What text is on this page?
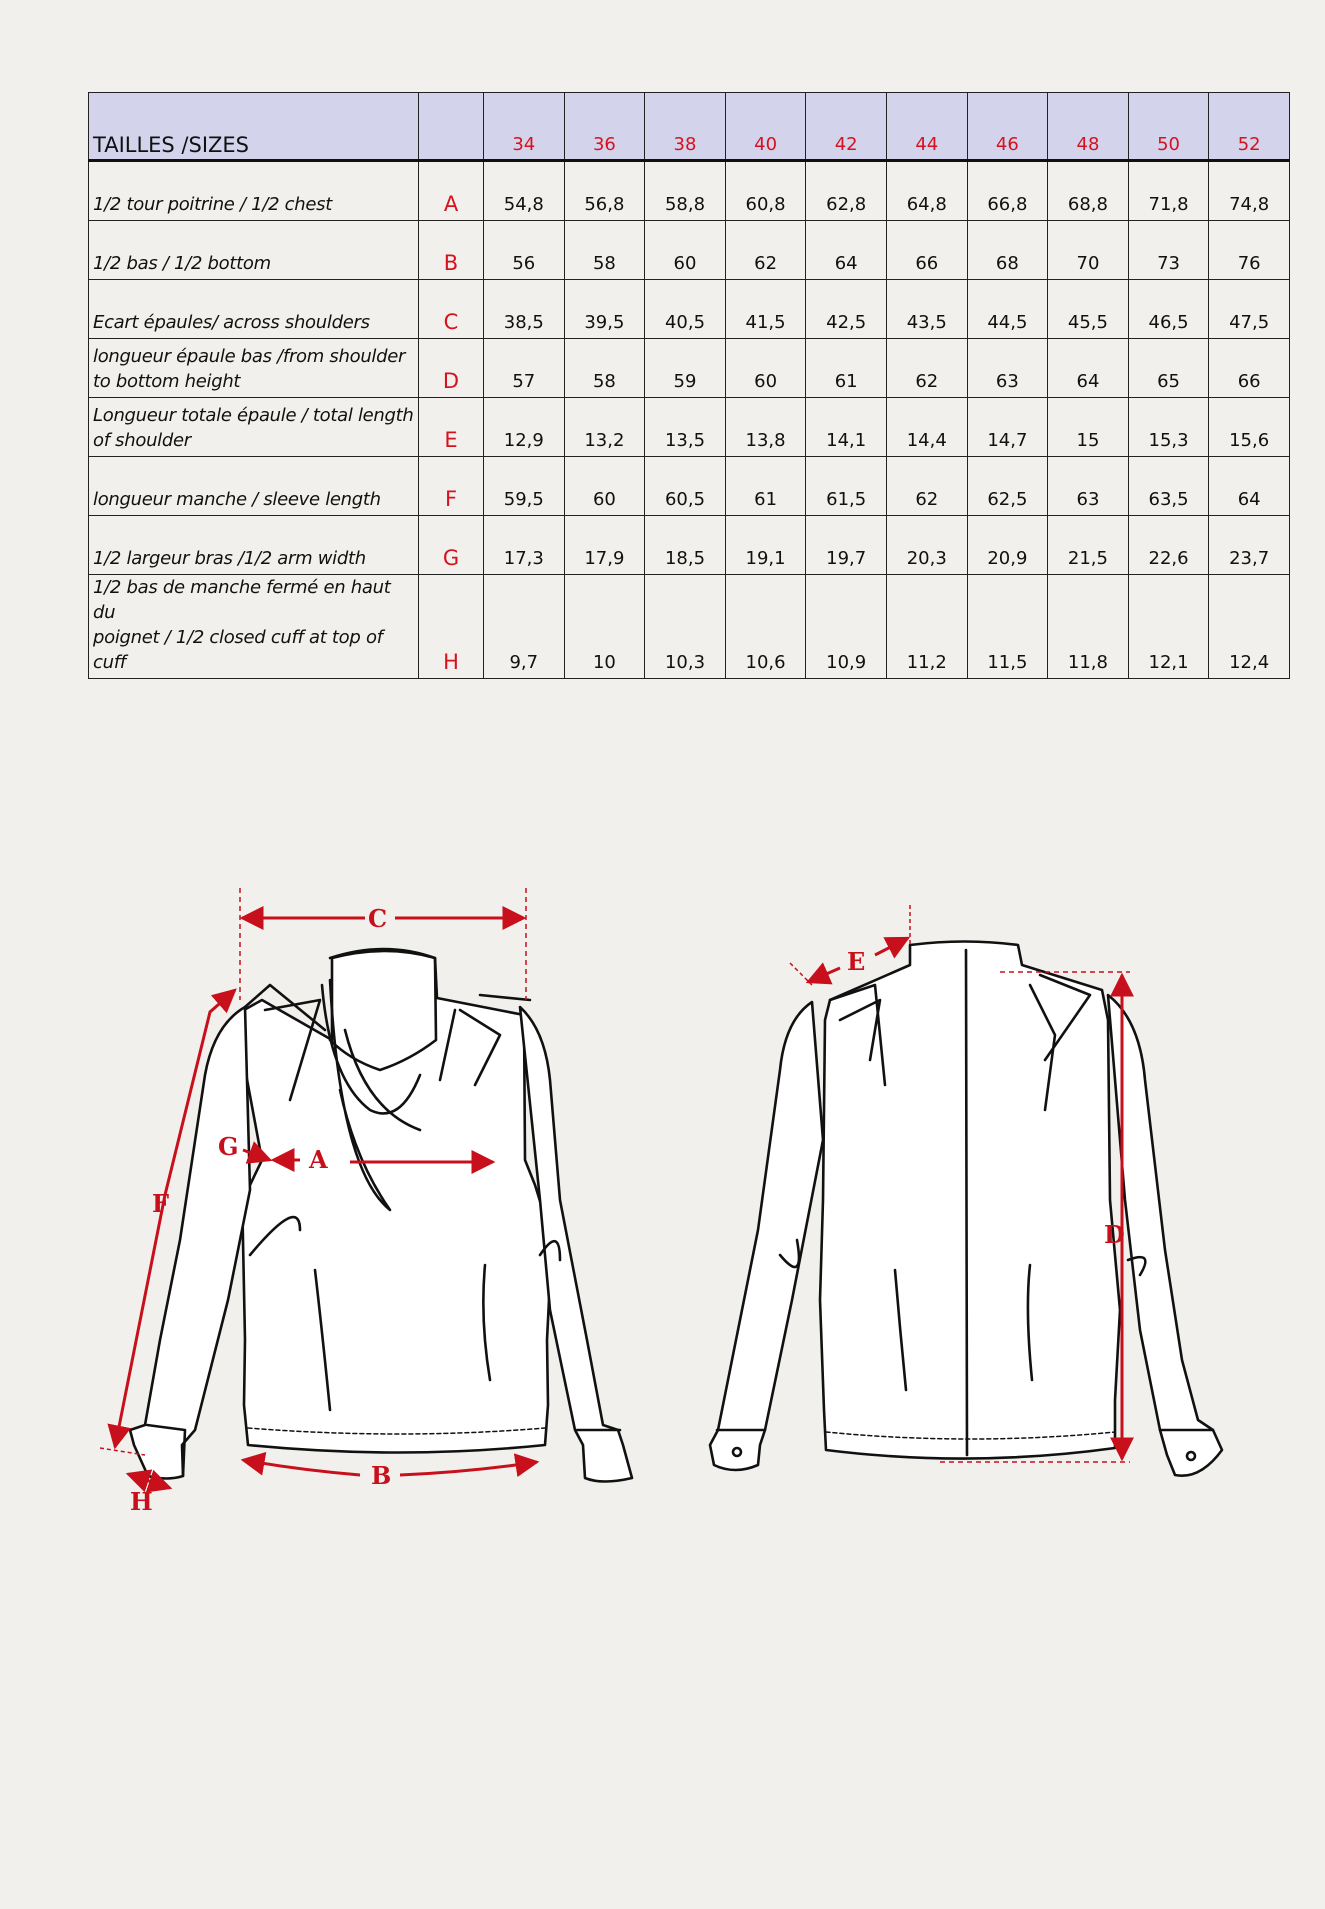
TAILLES /SIZES		34	36	38	40	42	44	46	48	50	52

1/2 tour poitrine / 1/2 chest	A	54,8	56,8	58,8	60,8	62,8	64,8	66,8	68,8	71,8	74,8

1/2 bas / 1/2 bottom	B	56	58	60	62	64	66	68	70	73	76

Ecart épaules/ across shoulders	C	38,5	39,5	40,5	41,5	42,5	43,5	44,5	45,5	46,5	47,5

longueur épaule bas /from shoulder
to bottom height	D	57	58	59	60	61	62	63	64	65	66

Longueur totale épaule / total length
of shoulder	E	12,9	13,2	13,5	13,8	14,1	14,4	14,7	15	15,3	15,6

longueur manche / sleeve length	F	59,5	60	60,5	61	61,5	62	62,5	63	63,5	64

1/2 largeur bras /1/2 arm width	G	17,3	17,9	18,5	19,1	19,7	20,3	20,9	21,5	22,6	23,7

1/2 bas de manche fermé en haut du
poignet / 1/2 closed cuff at top of cuff	H	9,7	10	10,3	10,6	10,9	11,2	11,5	11,8	12,1	12,4
C
A
G
F
B
H
E
D
